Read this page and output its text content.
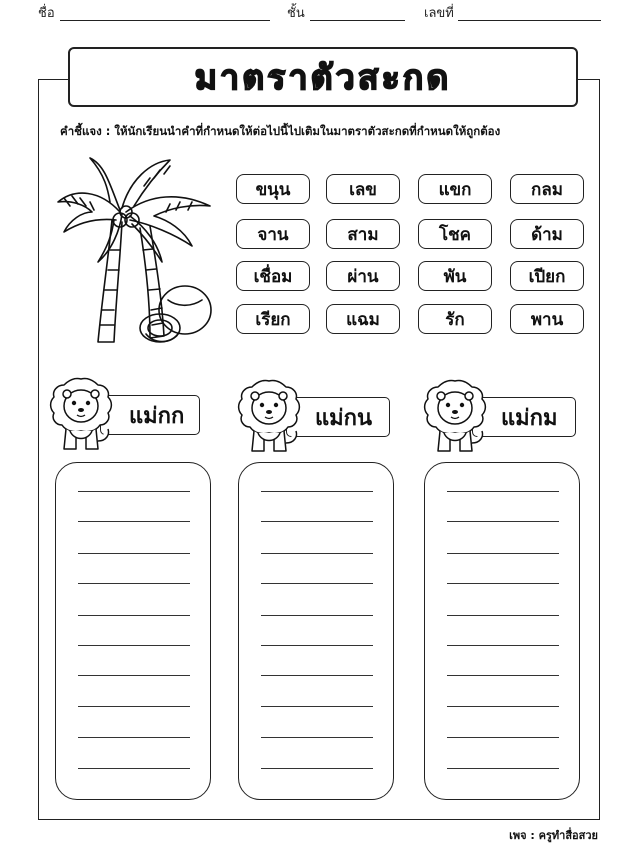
ชื่อ	ชั้น	เลขที่
มาตราตัวสะกด
คำชี้แจง : ให้นักเรียนนำคำที่กำหนดให้ต่อไปนี้ไปเติมในมาตราตัวสะกดที่กำหนดให้ถูกต้อง
ขนุน	เลข	แขก	กลม
จาน	สาม	โชค	ด้าม
เชื่อม	ผ่าน	พัน	เปียก
เรียก	แฉม	รัก	พาน
แม่กก	แม่กน	แม่กม
เพจ : ครูทำสื่อสวย
